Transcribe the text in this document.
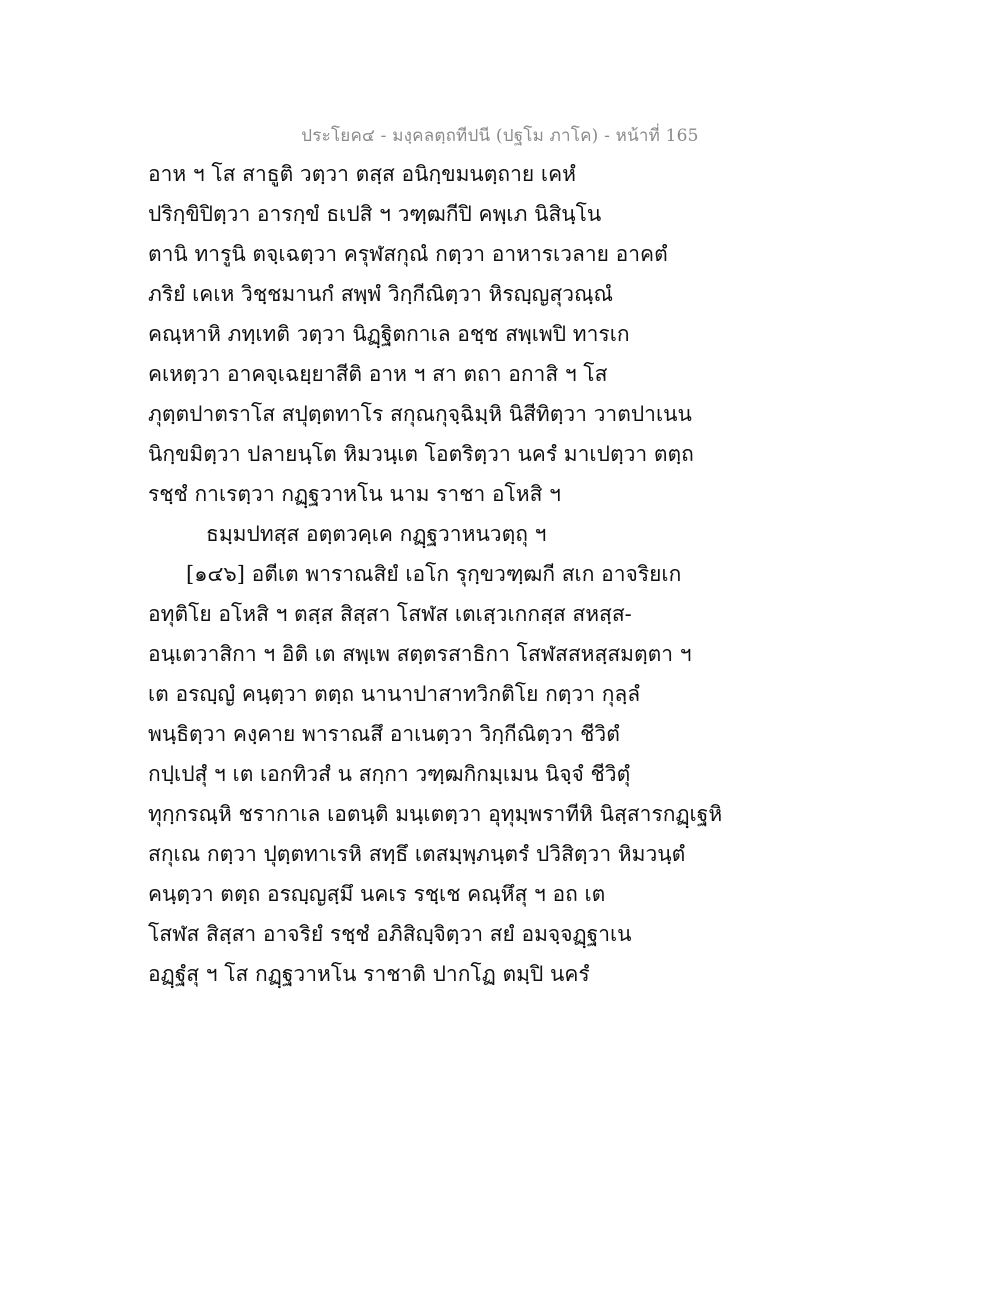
ประโยค๔ - มงฺคลตฺถทีปนี (ปฐโม ภาโค) - หน้าที่ 165
อาห ฯ โส สาธูติ วตฺวา ตสฺส อนิกฺขมนตฺถาย เคหํ
ปริกฺขิปิตฺวา อารกฺขํ ธเปสิ ฯ วฑฺฒกีปิ คพฺเภ นิสินฺโน
ตานิ ทารูนิ ตจฺเฉตฺวา ครุฬสกุณํ กตฺวา อาหารเวลาย อาคตํ
ภริยํ เคเห วิชฺชมานกํ สพฺพํ วิกฺกีณิตฺวา หิรญฺญสุวณฺณํ
คณฺหาหิ ภทฺเทติ วตฺวา นิฏฺฐิตกาเล อชฺช สพฺเพปิ ทารเก
คเหตฺวา อาคจฺเฉยฺยาสีติ อาห ฯ สา ตถา อกาสิ ฯ โส
ภุตฺตปาตราโส สปุตฺตทาโร สกุณกุจฺฉิมฺหิ นิสีทิตฺวา วาตปาเนน
นิกฺขมิตฺวา ปลายนฺโต หิมวนฺเต โอตริตฺวา นครํ มาเปตฺวา ตตฺถ
รชฺชํ กาเรตฺวา กฏฺฐวาหโน นาม ราชา อโหสิ ฯ
ธมฺมปทสฺส อตฺตวคฺเค กฏฺฐวาหนวตฺถุ ฯ
[๑๔๖] อตีเต พาราณสิยํ เอโก รุกฺขวฑฺฒกี สเก อาจริยเก
อทุติโย อโหสิ ฯ ตสฺส สิสฺสา โสฬส เตเสฺวเกกสฺส สหสฺส-
อนฺเตวาสิกา ฯ อิติ เต สพฺเพ สตฺตรสาธิกา โสฬสสหสฺสมตฺตา ฯ
เต อรญฺญํ คนฺตฺวา ตตฺถ นานาปาสาทวิกติโย กตฺวา กุลฺลํ
พนฺธิตฺวา คงฺคาย พาราณสึ อาเนตฺวา วิกฺกีณิตฺวา ชีวิตํ
กปฺเปสุํ ฯ เต เอกทิวสํ น สกฺกา วฑฺฒกิกมฺเมน นิจฺจํ ชีวิตุํ
ทุกฺกรณฺหิ ชรากาเล เอตนฺติ มนฺเตตฺวา อุทุมฺพราทีหิ นิสฺสารกฏฺเฐหิ
สกุเณ กตฺวา ปุตฺตทาเรหิ สทฺธึ เตสมฺพฺภนฺตรํ ปวิสิตฺวา หิมวนฺตํ
คนฺตฺวา ตตฺถ อรญฺญสฺมึ นคเร รชฺเช คณฺหึสุ ฯ อถ เต
โสฬส สิสฺสา อาจริยํ รชฺชํ อภิสิญฺจิตฺวา สยํ อมจฺจฏฺฐาเน
อฏฺฐํสุ ฯ โส กฏฺฐวาหโน ราชาติ ปากโฏ ตมฺปิ นครํ
